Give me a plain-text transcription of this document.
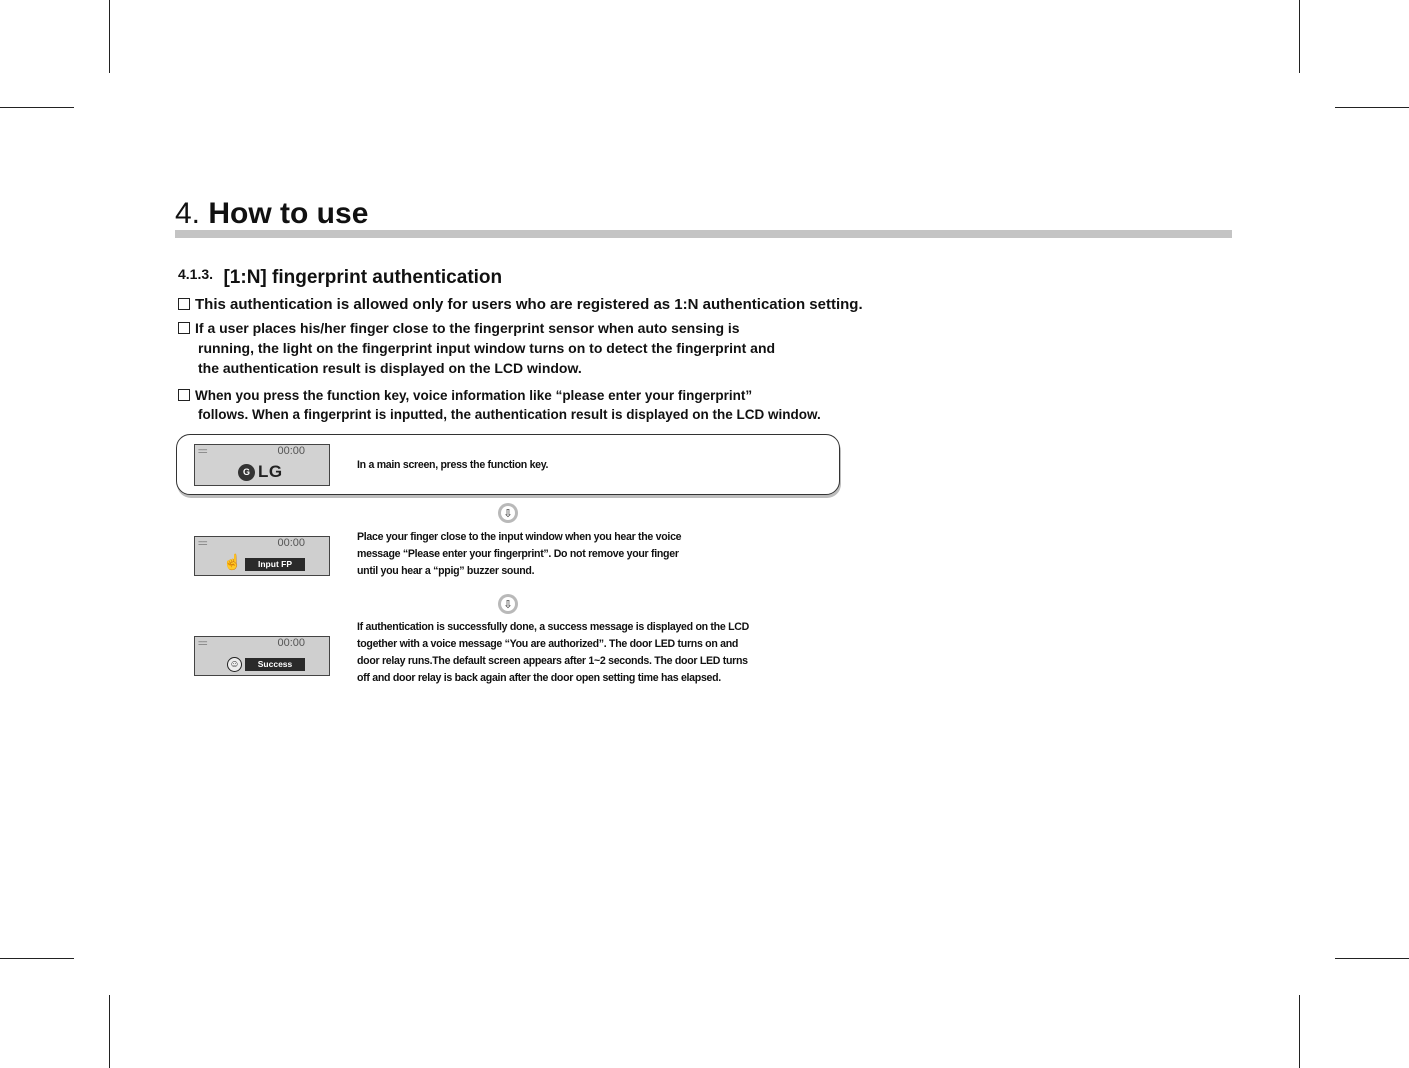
4. How to use
4.1.3. [1:N] fingerprint authentication
This authentication is allowed only for users who are registered as 1:N authentication setting.
If a user places his/her finger close to the fingerprint sensor when auto sensing is
running, the light on the fingerprint input window turns on to detect the fingerprint and
the authentication result is displayed on the LCD window.
When you press the function key, voice information like “please enter your fingerprint”
follows. When a fingerprint is inputted, the authentication result is displayed on the LCD window.
==	00:00
G LG	In a main screen, press the function key.
⇩
==	00:00
☝	Input FP
Place your finger close to the input window when you hear the voice
message “Please enter your fingerprint”. Do not remove your finger
until you hear a “ppig” buzzer sound.
⇩
==	00:00
☺	Success
If authentication is successfully done, a success message is displayed on the LCD
together with a voice message “You are authorized”. The door LED turns on and
door relay runs.The default screen appears after 1~2 seconds. The door LED turns
off and door relay is back again after the door open setting time has elapsed.
